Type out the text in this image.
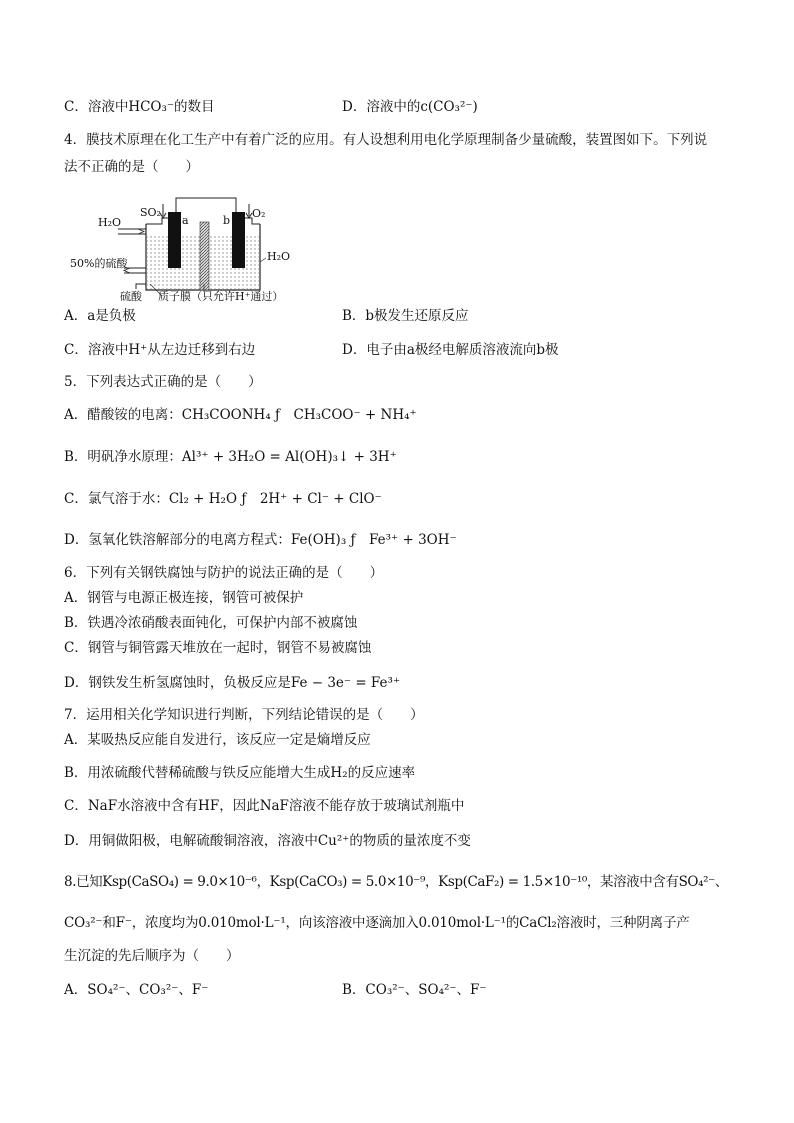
C．溶液中HCO₃⁻的数目	D．溶液中的c(CO₃²⁻)
4．膜技术原理在化工生产中有着广泛的应用。有人设想利用电化学原理制备少量硫酸，装置图如下。下列说
法不正确的是（　　）
H₂O
SO₂
a	b
O₂
H₂O
50%的硫酸
硫酸 质子膜（只允许H⁺通过）
A．a是负极	B．b极发生还原反应
C．溶液中H⁺从左边迁移到右边	D．电子由a极经电解质溶液流向b极
5．下列表达式正确的是（　　）
A．醋酸铵的电离：CH₃COONH₄ ƒ　CH₃COO⁻ + NH₄⁺
B．明矾净水原理：Al³⁺ + 3H₂O = Al(OH)₃↓ + 3H⁺
C．氯气溶于水：Cl₂ + H₂O ƒ　2H⁺ + Cl⁻ + ClO⁻
D．氢氧化铁溶解部分的电离方程式：Fe(OH)₃ ƒ　Fe³⁺ + 3OH⁻
6．下列有关钢铁腐蚀与防护的说法正确的是（　　）
A．钢管与电源正极连接，钢管可被保护
B．铁遇冷浓硝酸表面钝化，可保护内部不被腐蚀
C．钢管与铜管露天堆放在一起时，钢管不易被腐蚀
D．钢铁发生析氢腐蚀时，负极反应是Fe − 3e⁻ = Fe³⁺
7．运用相关化学知识进行判断，下列结论错误的是（　　）
A．某吸热反应能自发进行，该反应一定是熵增反应
B．用浓硫酸代替稀硫酸与铁反应能增大生成H₂的反应速率
C．NaF水溶液中含有HF，因此NaF溶液不能存放于玻璃试剂瓶中
D．用铜做阳极，电解硫酸铜溶液，溶液中Cu²⁺的物质的量浓度不变
8.已知Ksp(CaSO₄) = 9.0×10⁻⁶，Ksp(CaCO₃) = 5.0×10⁻⁹，Ksp(CaF₂) = 1.5×10⁻¹⁰，某溶液中含有SO₄²⁻、
CO₃²⁻和F⁻，浓度均为0.010mol·L⁻¹，向该溶液中逐滴加入0.010mol·L⁻¹的CaCl₂溶液时，三种阴离子产
生沉淀的先后顺序为（　　）
A．SO₄²⁻、CO₃²⁻、F⁻	B．CO₃²⁻、SO₄²⁻、F⁻
